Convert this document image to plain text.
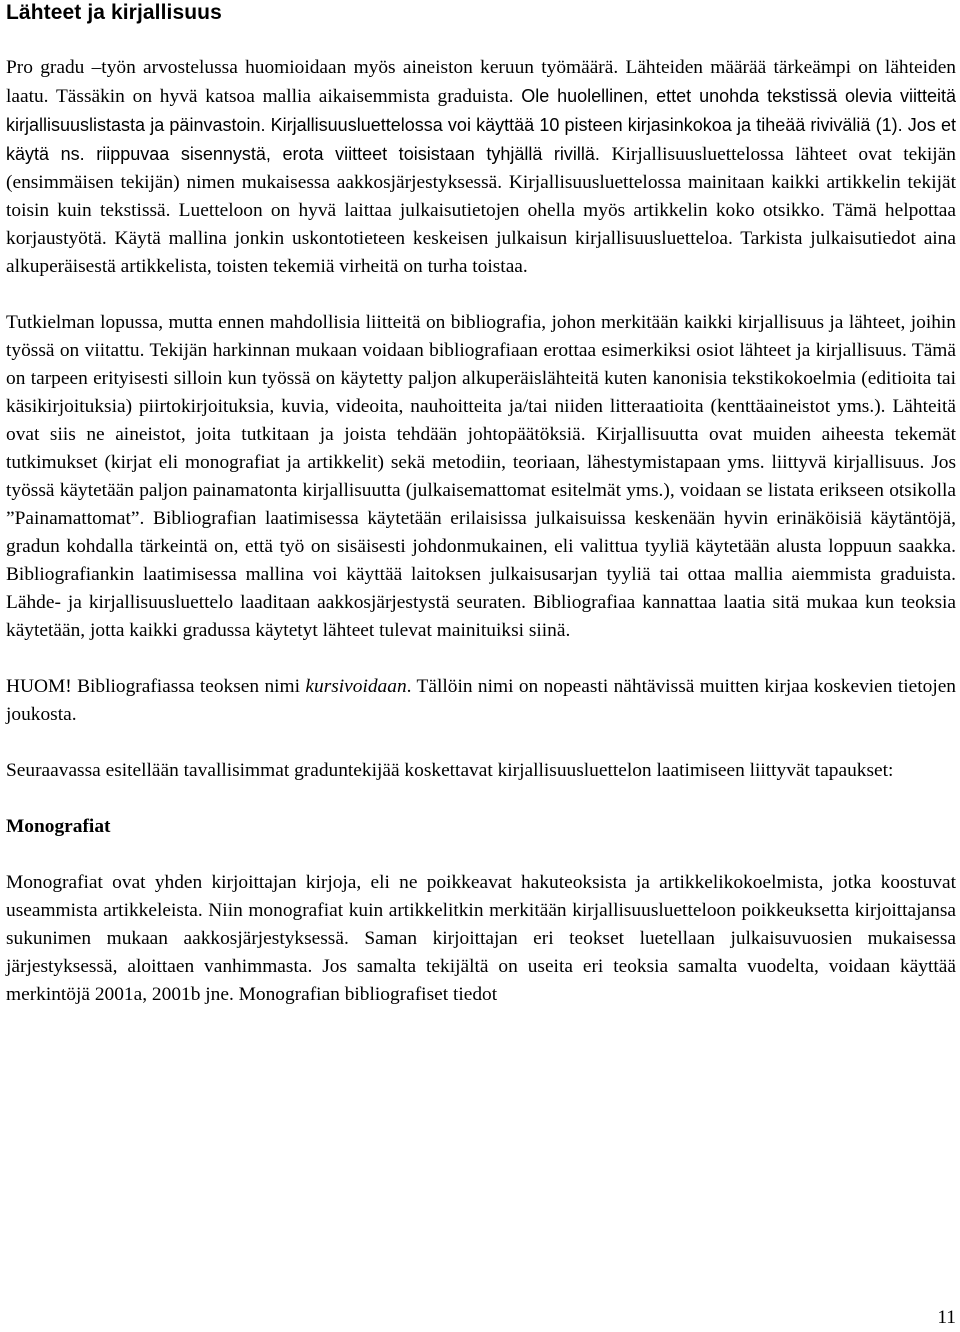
Lähteet ja kirjallisuus

Pro gradu –työn arvostelussa huomioidaan myös aineiston keruun työmäärä. Lähteiden määrää tärkeämpi on lähteiden laatu. Tässäkin on hyvä katsoa mallia aikaisemmista graduista. Ole huolellinen, ettet unohda tekstissä olevia viitteitä kirjallisuuslistasta ja päinvastoin. Kirjallisuusluettelossa voi käyttää 10 pisteen kirjasinkokoa ja tiheää riviväliä (1). Jos et käytä ns. riippuvaa sisennystä, erota viitteet toisistaan tyhjällä rivillä. Kirjallisuusluettelossa lähteet ovat tekijän (ensimmäisen tekijän) nimen mukaisessa aakkosjärjestyksessä. Kirjallisuusluettelossa mainitaan kaikki artikkelin tekijät toisin kuin tekstissä. Luetteloon on hyvä laittaa julkaisutietojen ohella myös artikkelin koko otsikko. Tämä helpottaa korjaustyötä. Käytä mallina jonkin uskontotieteen keskeisen julkaisun kirjallisuusluetteloa. Tarkista julkaisutiedot aina alkuperäisestä artikkelista, toisten tekemiä virheitä on turha toistaa.

Tutkielman lopussa, mutta ennen mahdollisia liitteitä on bibliografia, johon merkitään kaikki kirjallisuus ja lähteet, joihin työssä on viitattu. Tekijän harkinnan mukaan voidaan bibliografiaan erottaa esimerkiksi osiot lähteet ja kirjallisuus. Tämä on tarpeen erityisesti silloin kun työssä on käytetty paljon alkuperäislähteitä kuten kanonisia tekstikokoelmia (editioita tai käsikirjoituksia) piirtokirjoituksia, kuvia, videoita, nauhoitteita ja/tai niiden litteraatioita (kenttäaineistot yms.). Lähteitä ovat siis ne aineistot, joita tutkitaan ja joista tehdään johtopäätöksiä. Kirjallisuutta ovat muiden aiheesta tekemät tutkimukset (kirjat eli monografiat ja artikkelit) sekä metodiin, teoriaan, lähestymistapaan yms. liittyvä kirjallisuus. Jos työssä käytetään paljon painamatonta kirjallisuutta (julkaisemattomat esitelmät yms.), voidaan se listata erikseen otsikolla ”Painamattomat”. Bibliografian laatimisessa käytetään erilaisissa julkaisuissa keskenään hyvin erinäköisiä käytäntöjä, gradun kohdalla tärkeintä on, että työ on sisäisesti johdonmukainen, eli valittua tyyliä käytetään alusta loppuun saakka. Bibliografiankin laatimisessa mallina voi käyttää laitoksen julkaisusarjan tyyliä tai ottaa mallia aiemmista graduista. Lähde- ja kirjallisuusluettelo laaditaan aakkosjärjestystä seuraten. Bibliografiaa kannattaa laatia sitä mukaa kun teoksia käytetään, jotta kaikki gradussa käytetyt lähteet tulevat mainituiksi siinä.

HUOM! Bibliografiassa teoksen nimi kursivoidaan. Tällöin nimi on nopeasti nähtävissä muitten kirjaa koskevien tietojen joukosta.

Seuraavassa esitellään tavallisimmat graduntekijää koskettavat kirjallisuusluettelon laatimiseen liittyvät tapaukset:

Monografiat

Monografiat ovat yhden kirjoittajan kirjoja, eli ne poikkeavat hakuteoksista ja artikkelikokoelmista, jotka koostuvat useammista artikkeleista. Niin monografiat kuin artikkelitkin merkitään kirjallisuusluetteloon poikkeuksetta kirjoittajansa sukunimen mukaan aakkosjärjestyksessä. Saman kirjoittajan eri teokset luetellaan julkaisuvuosien mukaisessa järjestyksessä, aloittaen vanhimmasta. Jos samalta tekijältä on useita eri teoksia samalta vuodelta, voidaan käyttää merkintöjä 2001a, 2001b jne. Monografian bibliografiset tiedot

11
